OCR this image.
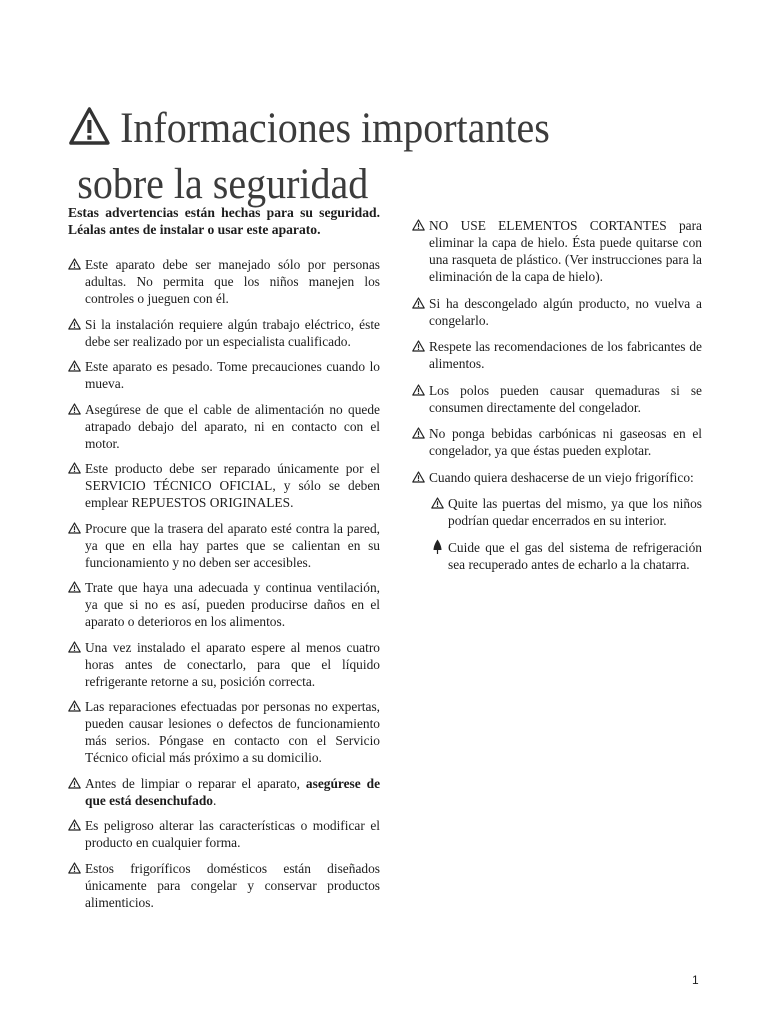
Informaciones importantes
sobre la seguridad

Estas advertencias están hechas para su seguridad. Léalas antes de instalar o usar este aparato.

Este aparato debe ser manejado sólo por personas adultas. No permita que los niños manejen los controles o jueguen con él.
Si la instalación requiere algún trabajo eléctrico, éste debe ser realizado por un especialista cualificado.
Este aparato es pesado. Tome precauciones cuando lo mueva.
Asegúrese de que el cable de alimentación no quede atrapado debajo del aparato, ni en contacto con el motor.
Este producto debe ser reparado únicamente por el SERVICIO TÉCNICO OFICIAL, y sólo se deben emplear REPUESTOS ORIGINALES.
Procure que la trasera del aparato esté contra la pared, ya que en ella hay partes que se calientan en su funcionamiento y no deben ser accesibles.
Trate que haya una adecuada y continua ventilación, ya que si no es así, pueden producirse daños en el aparato o deterioros en los alimentos.
Una vez instalado el aparato espere al menos cuatro horas antes de conectarlo, para que el líquido refrigerante retorne a su, posición correcta.
Las reparaciones efectuadas por personas no expertas, pueden causar lesiones o defectos de funcionamiento más serios. Póngase en contacto con el Servicio Técnico oficial más próximo a su domicilio.
Antes de limpiar o reparar el aparato, asegúrese de que está desenchufado.
Es peligroso alterar las características o modificar el producto en cualquier forma.
Estos frigoríficos domésticos están diseñados únicamente para congelar y conservar productos alimenticios.
NO USE ELEMENTOS CORTANTES para eliminar la capa de hielo. Ésta puede quitarse con una rasqueta de plástico. (Ver instrucciones para la eliminación de la capa de hielo).
Si ha descongelado algún producto, no vuelva a congelarlo.
Respete las recomendaciones de los fabricantes de alimentos.
Los polos pueden causar quemaduras si se consumen directamente del congelador.
No ponga bebidas carbónicas ni gaseosas en el congelador, ya que éstas pueden explotar.
Cuando quiera deshacerse de un viejo frigorífico:
Quite las puertas del mismo, ya que los niños podrían quedar encerrados en su interior.
Cuide que el gas del sistema de refrigeración sea recuperado antes de echarlo a la chatarra.
1
